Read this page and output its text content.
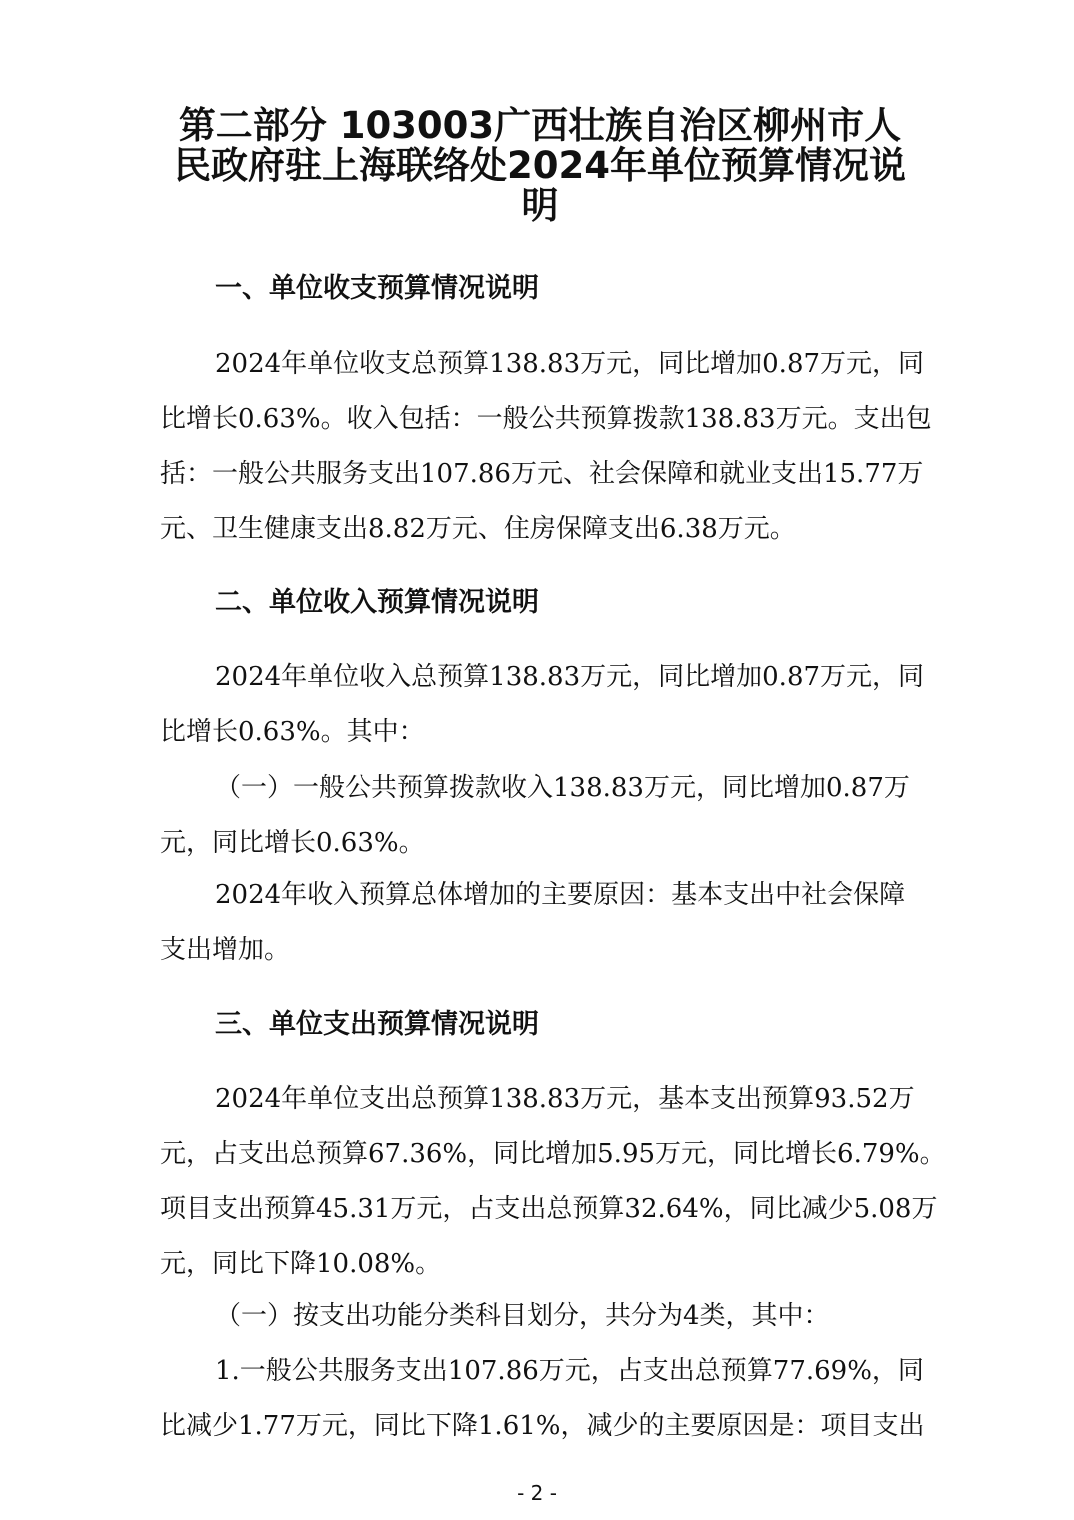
第二部分 103003广西壮族自治区柳州市人
民政府驻上海联络处2024年单位预算情况说
明
一、单位收支预算情况说明
2024年单位收支总预算138.83万元，同比增加0.87万元，同
比增长0.63%。收入包括：一般公共预算拨款138.83万元。支出包
括：一般公共服务支出107.86万元、社会保障和就业支出15.77万
元、卫生健康支出8.82万元、住房保障支出6.38万元。
二、单位收入预算情况说明
2024年单位收入总预算138.83万元，同比增加0.87万元，同
比增长0.63%。其中：
（一）一般公共预算拨款收入138.83万元，同比增加0.87万
元，同比增长0.63%。
2024年收入预算总体增加的主要原因：基本支出中社会保障
支出增加。
三、单位支出预算情况说明
2024年单位支出总预算138.83万元，基本支出预算93.52万
元，占支出总预算67.36%，同比增加5.95万元，同比增长6.79%。
项目支出预算45.31万元，占支出总预算32.64%，同比减少5.08万
元，同比下降10.08%。
（一）按支出功能分类科目划分，共分为4类，其中：
1.一般公共服务支出107.86万元，占支出总预算77.69%，同
比减少1.77万元，同比下降1.61%，减少的主要原因是：项目支出
- 2 -
